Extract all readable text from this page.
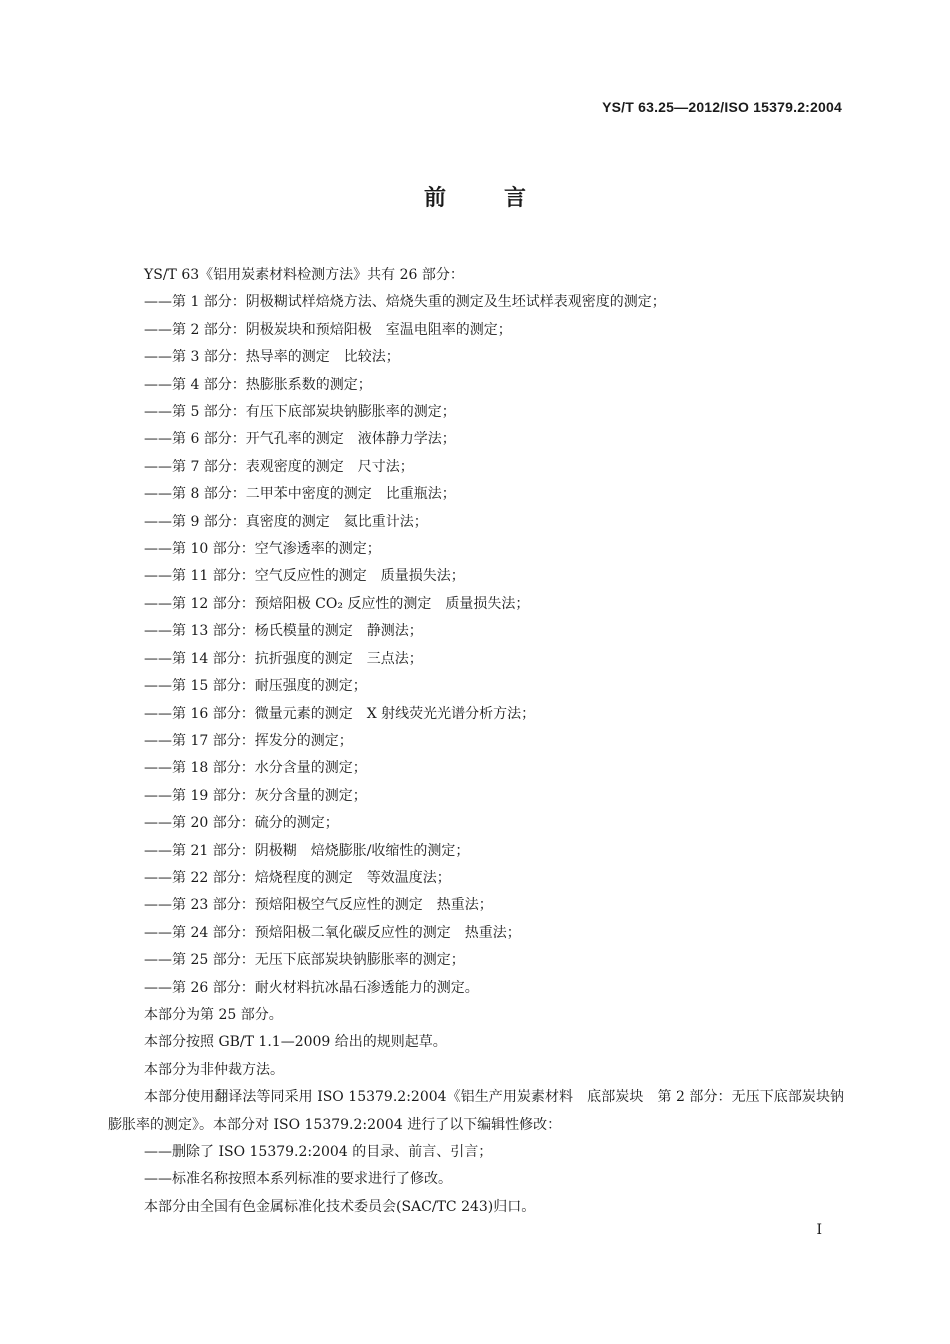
YS/T 63.25—2012/ISO 15379.2:2004
前言
YS/T 63《铝用炭素材料检测方法》共有 26 部分：
——第 1 部分：阴极糊试样焙烧方法、焙烧失重的测定及生坯试样表观密度的测定；
——第 2 部分：阴极炭块和预焙阳极　室温电阻率的测定；
——第 3 部分：热导率的测定　比较法；
——第 4 部分：热膨胀系数的测定；
——第 5 部分：有压下底部炭块钠膨胀率的测定；
——第 6 部分：开气孔率的测定　液体静力学法；
——第 7 部分：表观密度的测定　尺寸法；
——第 8 部分：二甲苯中密度的测定　比重瓶法；
——第 9 部分：真密度的测定　氦比重计法；
——第 10 部分：空气渗透率的测定；
——第 11 部分：空气反应性的测定　质量损失法；
——第 12 部分：预焙阳极 CO₂ 反应性的测定　质量损失法；
——第 13 部分：杨氏模量的测定　静测法；
——第 14 部分：抗折强度的测定　三点法；
——第 15 部分：耐压强度的测定；
——第 16 部分：微量元素的测定　X 射线荧光光谱分析方法；
——第 17 部分：挥发分的测定；
——第 18 部分：水分含量的测定；
——第 19 部分：灰分含量的测定；
——第 20 部分：硫分的测定；
——第 21 部分：阴极糊　焙烧膨胀/收缩性的测定；
——第 22 部分：焙烧程度的测定　等效温度法；
——第 23 部分：预焙阳极空气反应性的测定　热重法；
——第 24 部分：预焙阳极二氧化碳反应性的测定　热重法；
——第 25 部分：无压下底部炭块钠膨胀率的测定；
——第 26 部分：耐火材料抗冰晶石渗透能力的测定。
本部分为第 25 部分。
本部分按照 GB/T 1.1—2009 给出的规则起草。
本部分为非仲裁方法。
本部分使用翻译法等同采用 ISO 15379.2:2004《铝生产用炭素材料　底部炭块　第 2 部分：无压下底部炭块钠膨胀率的测定》。本部分对 ISO 15379.2:2004 进行了以下编辑性修改：
——删除了 ISO 15379.2:2004 的目录、前言、引言；
——标准名称按照本系列标准的要求进行了修改。
本部分由全国有色金属标准化技术委员会(SAC/TC 243)归口。
I
